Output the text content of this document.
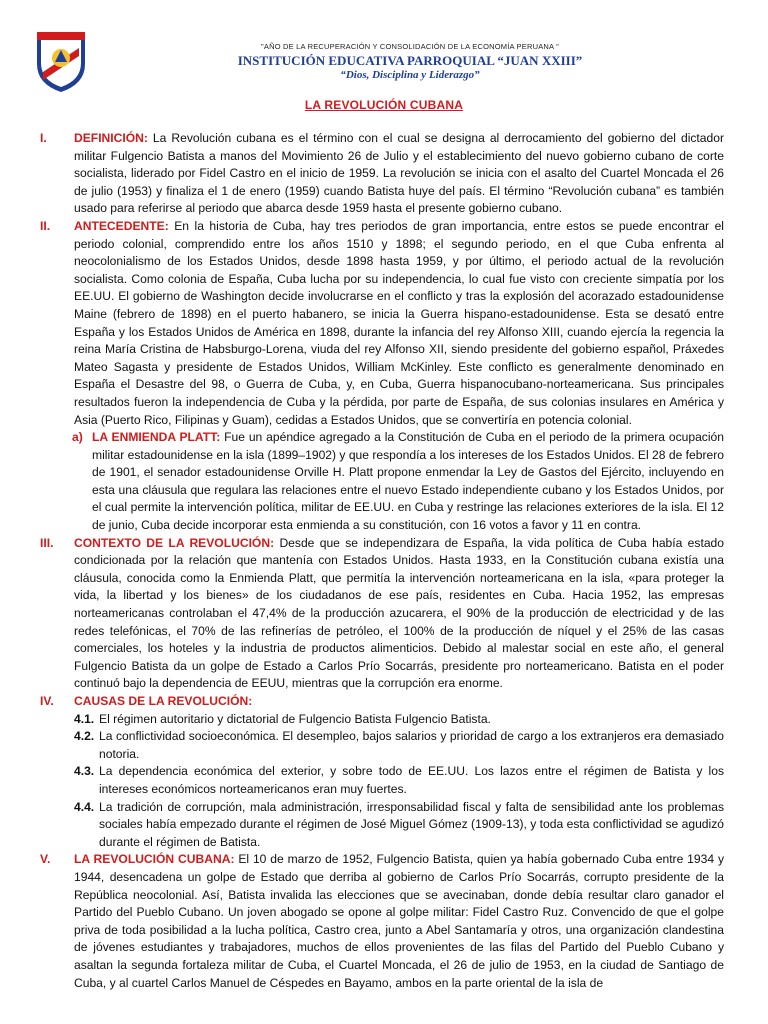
"AÑO DE LA RECUPERACIÓN Y CONSOLIDACIÓN DE LA ECONOMÍA PERUANA "
INSTITUCIÓN EDUCATIVA PARROQUIAL “JUAN XXIII”
“Dios, Disciplina y Liderazgo”
LA REVOLUCIÓN CUBANA
I. DEFINICIÓN: La Revolución cubana es el término con el cual se designa al derrocamiento del gobierno del dictador militar Fulgencio Batista a manos del Movimiento 26 de Julio y el establecimiento del nuevo gobierno cubano de corte socialista, liderado por Fidel Castro en el inicio de 1959. La revolución se inicia con el asalto del Cuartel Moncada el 26 de julio (1953) y finaliza el 1 de enero (1959) cuando Batista huye del país. El término “Revolución cubana” es también usado para referirse al periodo que abarca desde 1959 hasta el presente gobierno cubano.
II. ANTECEDENTE: En la historia de Cuba, hay tres periodos de gran importancia, entre estos se puede encontrar el periodo colonial, comprendido entre los años 1510 y 1898; el segundo periodo, en el que Cuba enfrenta al neocolonialismo de los Estados Unidos, desde 1898 hasta 1959, y por último, el periodo actual de la revolución socialista. Como colonia de España, Cuba lucha por su independencia, lo cual fue visto con creciente simpatía por los EE.UU. El gobierno de Washington decide involucrarse en el conflicto y tras la explosión del acorazado estadounidense Maine (febrero de 1898) en el puerto habanero, se inicia la Guerra hispano-estadounidense. Esta se desató entre España y los Estados Unidos de América en 1898, durante la infancia del rey Alfonso XIII, cuando ejercía la regencia la reina María Cristina de Habsburgo-Lorena, viuda del rey Alfonso XII, siendo presidente del gobierno español, Práxedes Mateo Sagasta y presidente de Estados Unidos, William McKinley. Este conflicto es generalmente denominado en España el Desastre del 98, o Guerra de Cuba, y, en Cuba, Guerra hispanocubano-norteamericana. Sus principales resultados fueron la independencia de Cuba y la pérdida, por parte de España, de sus colonias insulares en América y Asia (Puerto Rico, Filipinas y Guam), cedidas a Estados Unidos, que se convertiría en potencia colonial.
a) LA ENMIENDA PLATT: Fue un apéndice agregado a la Constitución de Cuba en el periodo de la primera ocupación militar estadounidense en la isla (1899–1902) y que respondía a los intereses de los Estados Unidos. El 28 de febrero de 1901, el senador estadounidense Orville H. Platt propone enmendar la Ley de Gastos del Ejército, incluyendo en esta una cláusula que regulara las relaciones entre el nuevo Estado independiente cubano y los Estados Unidos, por el cual permite la intervención política, militar de EE.UU. en Cuba y restringe las relaciones exteriores de la isla. El 12 de junio, Cuba decide incorporar esta enmienda a su constitución, con 16 votos a favor y 11 en contra.
III. CONTEXTO DE LA REVOLUCIÓN: Desde que se independizara de España, la vida política de Cuba había estado condicionada por la relación que mantenía con Estados Unidos. Hasta 1933, en la Constitución cubana existía una cláusula, conocida como la Enmienda Platt, que permitía la intervención norteamericana en la isla, «para proteger la vida, la libertad y los bienes» de los ciudadanos de ese país, residentes en Cuba. Hacia 1952, las empresas norteamericanas controlaban el 47,4% de la producción azucarera, el 90% de la producción de electricidad y de las redes telefónicas, el 70% de las refinerías de petróleo, el 100% de la producción de níquel y el 25% de las casas comerciales, los hoteles y la industria de productos alimenticios. Debido al malestar social en este año, el general Fulgencio Batista da un golpe de Estado a Carlos Prío Socarrás, presidente pro norteamericano. Batista en el poder continuó bajo la dependencia de EEUU, mientras que la corrupción era enorme.
IV. CAUSAS DE LA REVOLUCIÓN:
4.1. El régimen autoritario y dictatorial de Fulgencio Batista Fulgencio Batista.
4.2. La conflictividad socioeconómica. El desempleo, bajos salarios y prioridad de cargo a los extranjeros era demasiado notoria.
4.3. La dependencia económica del exterior, y sobre todo de EE.UU. Los lazos entre el régimen de Batista y los intereses económicos norteamericanos eran muy fuertes.
4.4. La tradición de corrupción, mala administración, irresponsabilidad fiscal y falta de sensibilidad ante los problemas sociales había empezado durante el régimen de José Miguel Gómez (1909-13), y toda esta conflictividad se agudizó durante el régimen de Batista.
V. LA REVOLUCIÓN CUBANA: El 10 de marzo de 1952, Fulgencio Batista, quien ya había gobernado Cuba entre 1934 y 1944, desencadena un golpe de Estado que derriba al gobierno de Carlos Prío Socarrás, corrupto presidente de la República neocolonial. Así, Batista invalida las elecciones que se avecinaban, donde debía resultar claro ganador el Partido del Pueblo Cubano. Un joven abogado se opone al golpe militar: Fidel Castro Ruz. Convencido de que el golpe priva de toda posibilidad a la lucha política, Castro crea, junto a Abel Santamaría y otros, una organización clandestina de jóvenes estudiantes y trabajadores, muchos de ellos provenientes de las filas del Partido del Pueblo Cubano y asaltan la segunda fortaleza militar de Cuba, el Cuartel Moncada, el 26 de julio de 1953, en la ciudad de Santiago de Cuba, y al cuartel Carlos Manuel de Céspedes en Bayamo, ambos en la parte oriental de la isla de
